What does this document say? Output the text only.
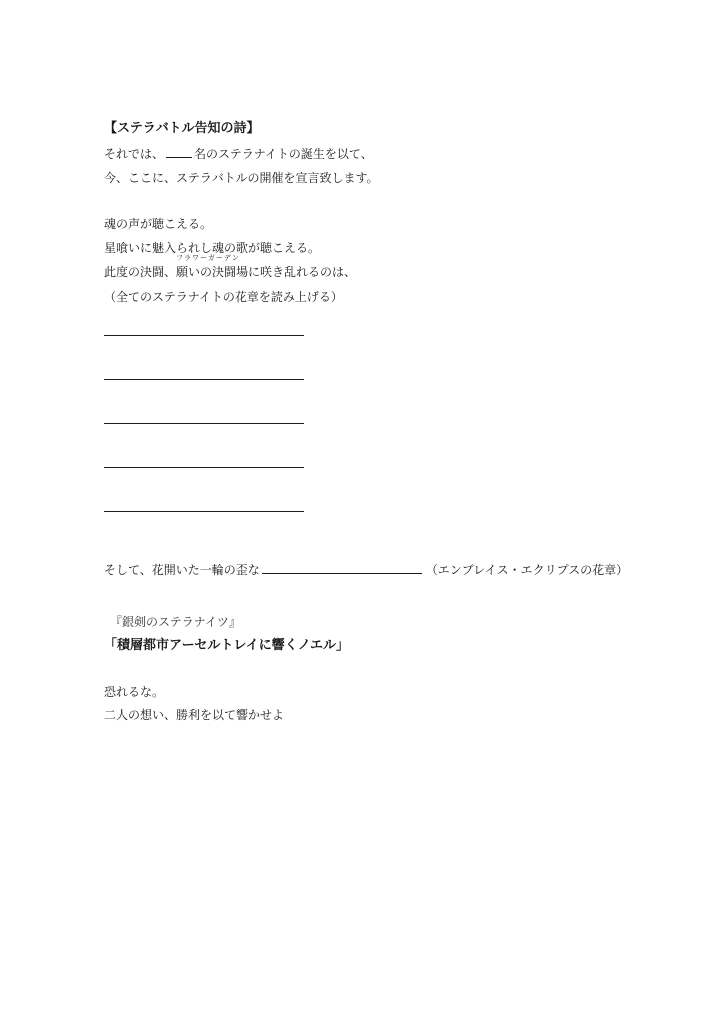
【ステラバトル告知の詩】
それでは、	名のステラナイトの誕生を以て、
今、ここに、ステラバトルの開催を宣言致します。
魂の声が聴こえる。
星喰いに魅入られし魂の歌が聴こえる。
此度の決闘、
フラワーガーデン
願いの決闘場に咲き乱れるのは、
（全てのステラナイトの花章を読み上げる）
そして、花開いた一輪の歪な	（エンブレイス・エクリプスの花章）
『銀剣のステラナイツ』
「積層都市アーセルトレイに響くノエル」
恐れるな。
二人の想い、勝利を以て響かせよ
